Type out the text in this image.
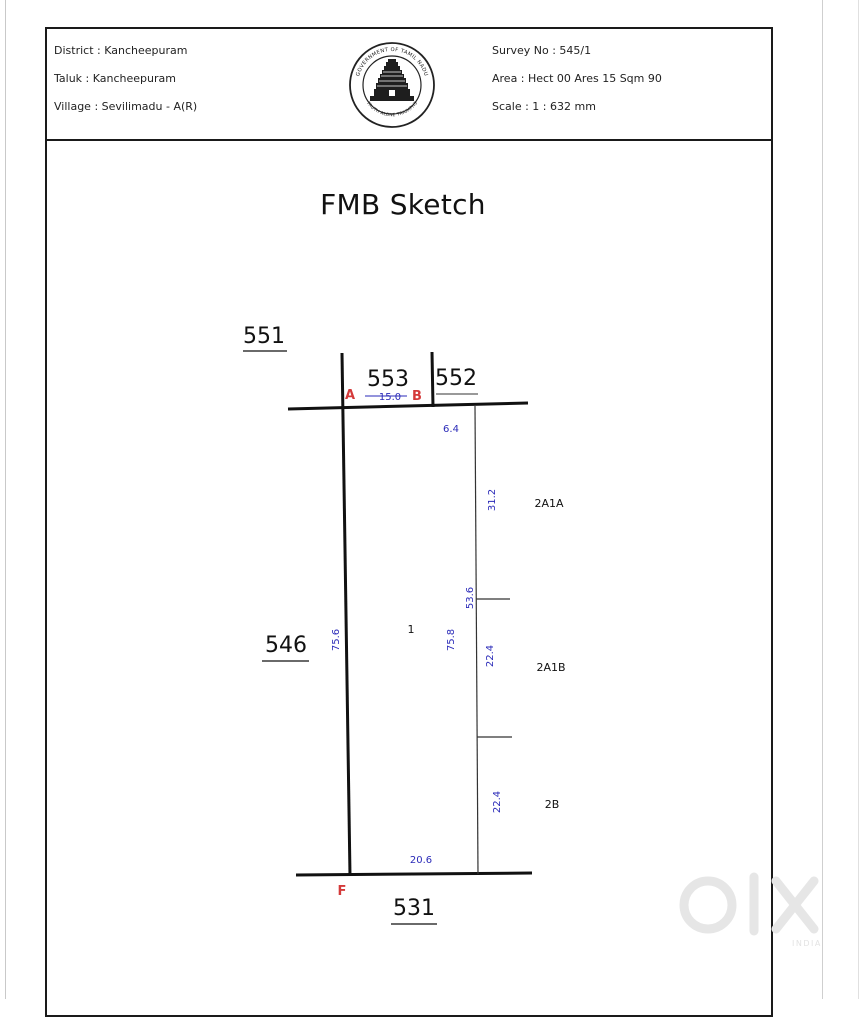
District : Kancheepuram
Taluk : Kancheepuram
Village : Sevilimadu - A(R)
Survey No : 545/1
Area : Hect 00 Ares 15 Sqm 90
Scale : 1 : 632 mm
GOVERNMENT OF TAMIL NADU
TRUTH ALONE TRIUMPHS
FMB Sketch
551
553 552
546
531
A	B
F
15.0
6.4
31.2
53.6
75.6	75.8
22.4
22.4
20.6
1
2A1A
2A1B
2B
INDIA
